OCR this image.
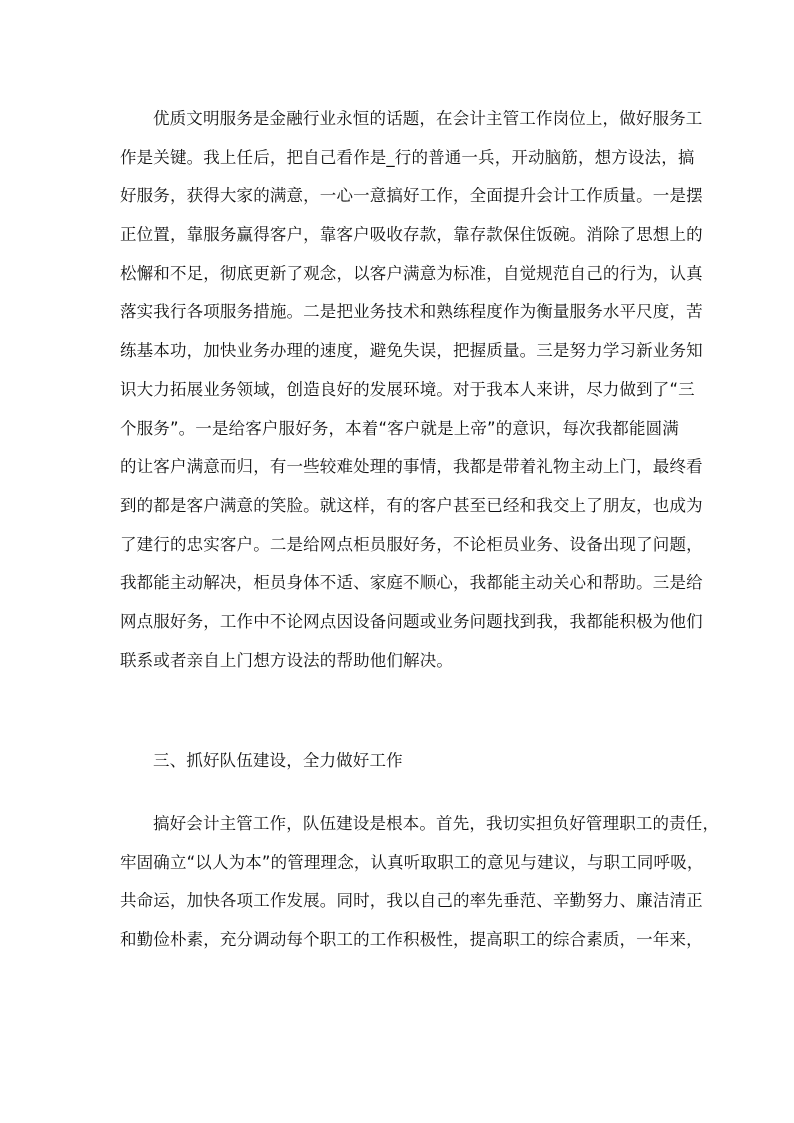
优质文明服务是金融行业永恒的话题，在会计主管工作岗位上，做好服务工
作是关键。我上任后，把自己看作是_行的普通一兵，开动脑筋，想方设法，搞
好服务，获得大家的满意，一心一意搞好工作，全面提升会计工作质量。一是摆
正位置，靠服务赢得客户，靠客户吸收存款，靠存款保住饭碗。消除了思想上的
松懈和不足，彻底更新了观念，以客户满意为标准，自觉规范自己的行为，认真
落实我行各项服务措施。二是把业务技术和熟练程度作为衡量服务水平尺度，苦
练基本功，加快业务办理的速度，避免失误，把握质量。三是努力学习新业务知
识大力拓展业务领域，创造良好的发展环境。对于我本人来讲，尽力做到了“三
个服务”。一是给客户服好务，本着“客户就是上帝”的意识，每次我都能圆满
的让客户满意而归，有一些较难处理的事情，我都是带着礼物主动上门，最终看
到的都是客户满意的笑脸。就这样，有的客户甚至已经和我交上了朋友，也成为
了建行的忠实客户。二是给网点柜员服好务，不论柜员业务、设备出现了问题，
我都能主动解决，柜员身体不适、家庭不顺心，我都能主动关心和帮助。三是给
网点服好务，工作中不论网点因设备问题或业务问题找到我，我都能积极为他们
联系或者亲自上门想方设法的帮助他们解决。
三、抓好队伍建设，全力做好工作
搞好会计主管工作，队伍建设是根本。首先，我切实担负好管理职工的责任，
牢固确立“以人为本”的管理理念，认真听取职工的意见与建议，与职工同呼吸，
共命运，加快各项工作发展。同时，我以自己的率先垂范、辛勤努力、廉洁清正
和勤俭朴素，充分调动每个职工的工作积极性，提高职工的综合素质，一年来，
